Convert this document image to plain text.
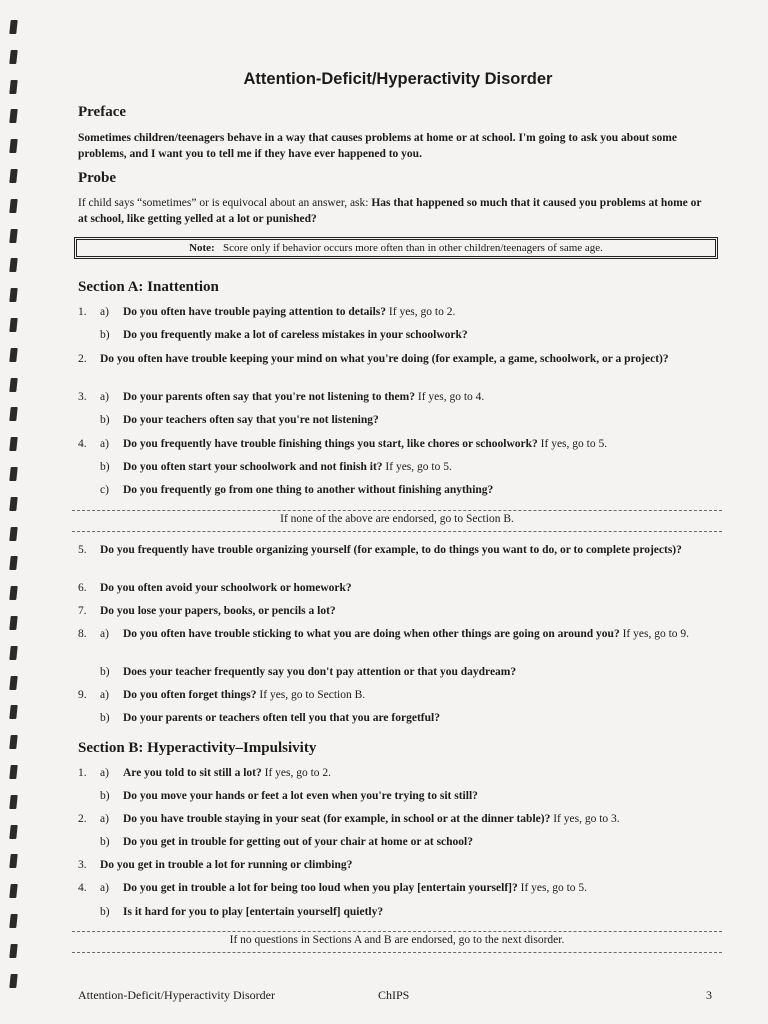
Attention-Deficit/Hyperactivity Disorder
Preface

Sometimes children/teenagers behave in a way that causes problems at home or at school. I'm going to ask you about some problems, and I want you to tell me if they have ever happened to you.

Probe

If child says “sometimes” or is equivocal about an answer, ask: Has that happened so much that it caused you problems at home or at school, like getting yelled at a lot or punished?

Note: Score only if behavior occurs more often than in other children/teenagers of same age.
Section A: Inattention
1. a) Do you often have trouble paying attention to details? If yes, go to 2.
b) Do you frequently make a lot of careless mistakes in your schoolwork?
2. Do you often have trouble keeping your mind on what you're doing (for example, a game, schoolwork, or a project)?
3. a) Do your parents often say that you're not listening to them? If yes, go to 4.
b) Do your teachers often say that you're not listening?
4. a) Do you frequently have trouble finishing things you start, like chores or schoolwork? If yes, go to 5.
b) Do you often start your schoolwork and not finish it? If yes, go to 5.
c) Do you frequently go from one thing to another without finishing anything?
If none of the above are endorsed, go to Section B.
5. Do you frequently have trouble organizing yourself (for example, to do things you want to do, or to complete projects)?
6. Do you often avoid your schoolwork or homework?
7. Do you lose your papers, books, or pencils a lot?
8. a) Do you often have trouble sticking to what you are doing when other things are going on around you? If yes, go to 9.
b) Does your teacher frequently say you don't pay attention or that you daydream?
9. a) Do you often forget things? If yes, go to Section B.
b) Do your parents or teachers often tell you that you are forgetful?
Section B: Hyperactivity–Impulsivity
1. a) Are you told to sit still a lot? If yes, go to 2.
b) Do you move your hands or feet a lot even when you're trying to sit still?
2. a) Do you have trouble staying in your seat (for example, in school or at the dinner table)? If yes, go to 3.
b) Do you get in trouble for getting out of your chair at home or at school?
3. Do you get in trouble a lot for running or climbing?
4. a) Do you get in trouble a lot for being too loud when you play [entertain yourself]? If yes, go to 5.
b) Is it hard for you to play [entertain yourself] quietly?
If no questions in Sections A and B are endorsed, go to the next disorder.
Attention-Deficit/Hyperactivity Disorder	ChIPS	3
